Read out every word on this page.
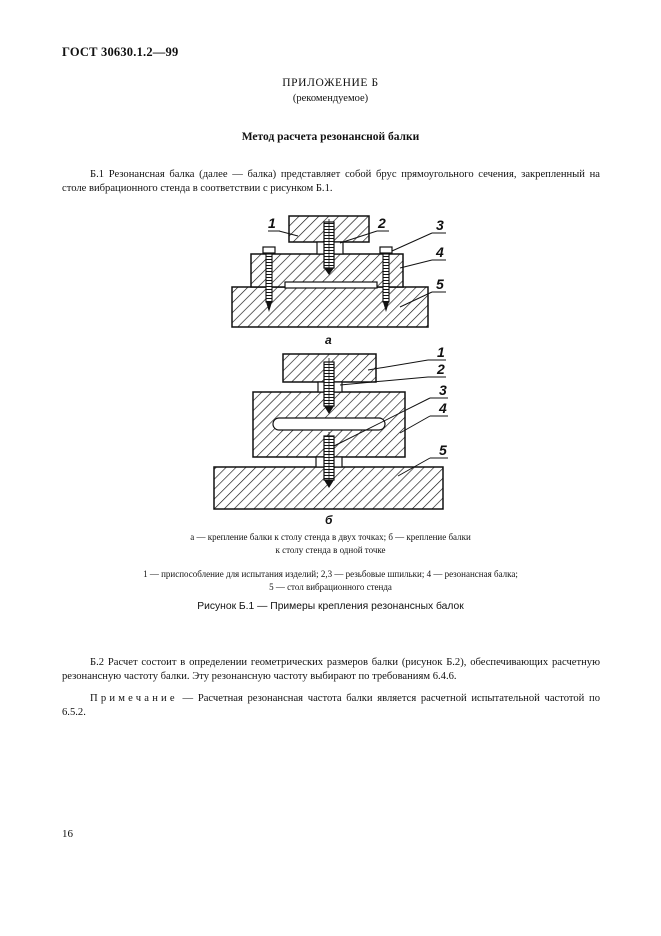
ГОСТ 30630.1.2—99
ПРИЛОЖЕНИЕ Б
(рекомендуемое)
Метод расчета резонансной балки
Б.1 Резонансная балка (далее — балка) представляет собой брус прямоугольного сечения, закрепленный на столе вибрационного стенда в соответствии с рисунком Б.1.
1	2	3
4
5
1
2
3
4
5
а
б
а — крепление балки к столу стенда в двух точках; б — крепление балки
к столу стенда в одной точке
1 — приспособление для испытания изделий; 2,3 — резьбовые шпильки; 4 — резонансная балка;
5 — стол вибрационного стенда
Рисунок Б.1 — Примеры крепления резонансных балок
Б.2 Расчет состоит в определении геометрических размеров балки (рисунок Б.2), обеспечивающих расчетную резонансную частоту балки. Эту резонансную частоту выбирают по требованиям 6.4.6.
Примечание — Расчетная резонансная частота балки является расчетной испытательной частотой по 6.5.2.
16
